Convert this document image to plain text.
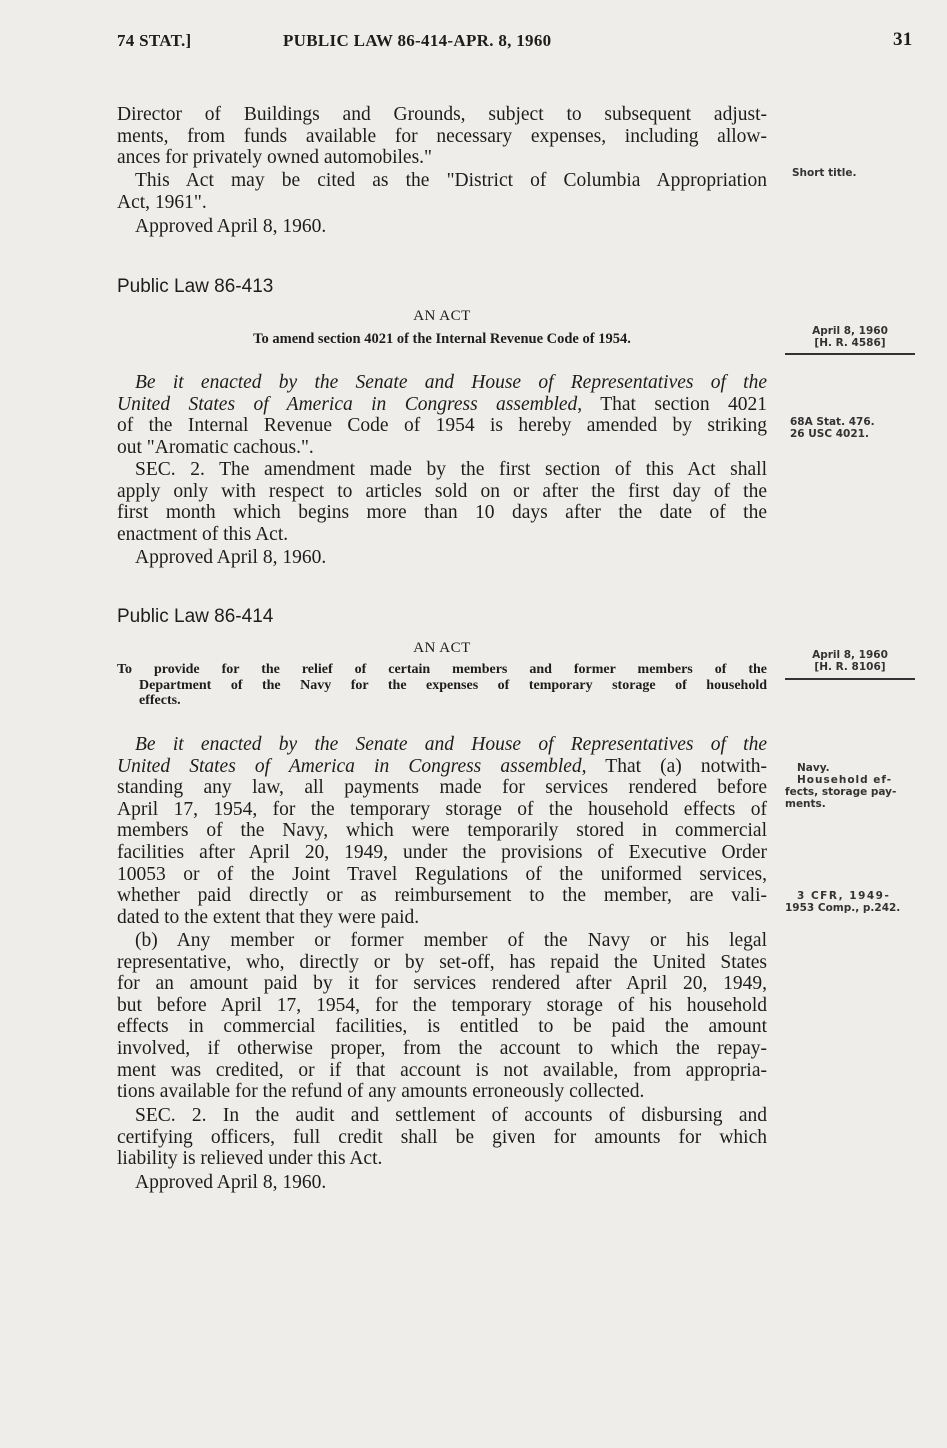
74 STAT.]	PUBLIC LAW 86-414-APR. 8, 1960	31
Director of Buildings and Grounds, subject to subsequent adjust-
ments, from funds available for necessary expenses, including allow-
ances for privately owned automobiles."
This Act may be cited as the "District of Columbia Appropriation
Act, 1961".
Approved April 8, 1960.
Public Law 86-413
AN ACT
To amend section 4021 of the Internal Revenue Code of 1954.
Be it enacted by the Senate and House of Representatives of the
United States of America in Congress assembled, That section 4021
of the Internal Revenue Code of 1954 is hereby amended by striking
out "Aromatic cachous.".
SEC. 2. The amendment made by the first section of this Act shall
apply only with respect to articles sold on or after the first day of the
first month which begins more than 10 days after the date of the
enactment of this Act.
Approved April 8, 1960.
Public Law 86-414
AN ACT
To provide for the relief of certain members and former members of the
Department of the Navy for the expenses of temporary storage of household
effects.
Be it enacted by the Senate and House of Representatives of the
United States of America in Congress assembled, That (a) notwith-
standing any law, all payments made for services rendered before
April 17, 1954, for the temporary storage of the household effects of
members of the Navy, which were temporarily stored in commercial
facilities after April 20, 1949, under the provisions of Executive Order
10053 or of the Joint Travel Regulations of the uniformed services,
whether paid directly or as reimbursement to the member, are vali-
dated to the extent that they were paid.
(b) Any member or former member of the Navy or his legal
representative, who, directly or by set-off, has repaid the United States
for an amount paid by it for services rendered after April 20, 1949,
but before April 17, 1954, for the temporary storage of his household
effects in commercial facilities, is entitled to be paid the amount
involved, if otherwise proper, from the account to which the repay-
ment was credited, or if that account is not available, from appropria-
tions available for the refund of any amounts erroneously collected.
SEC. 2. In the audit and settlement of accounts of disbursing and
certifying officers, full credit shall be given for amounts for which
liability is relieved under this Act.
Approved April 8, 1960.
Short title.
April 8, 1960
[H. R. 4586]
68A Stat. 476.
26 USC 4021.
April 8, 1960
[H. R. 8106]
Navy.
Household ef-
fects, storage pay-
ments.
3 CFR, 1949-
1953 Comp., p.242.
